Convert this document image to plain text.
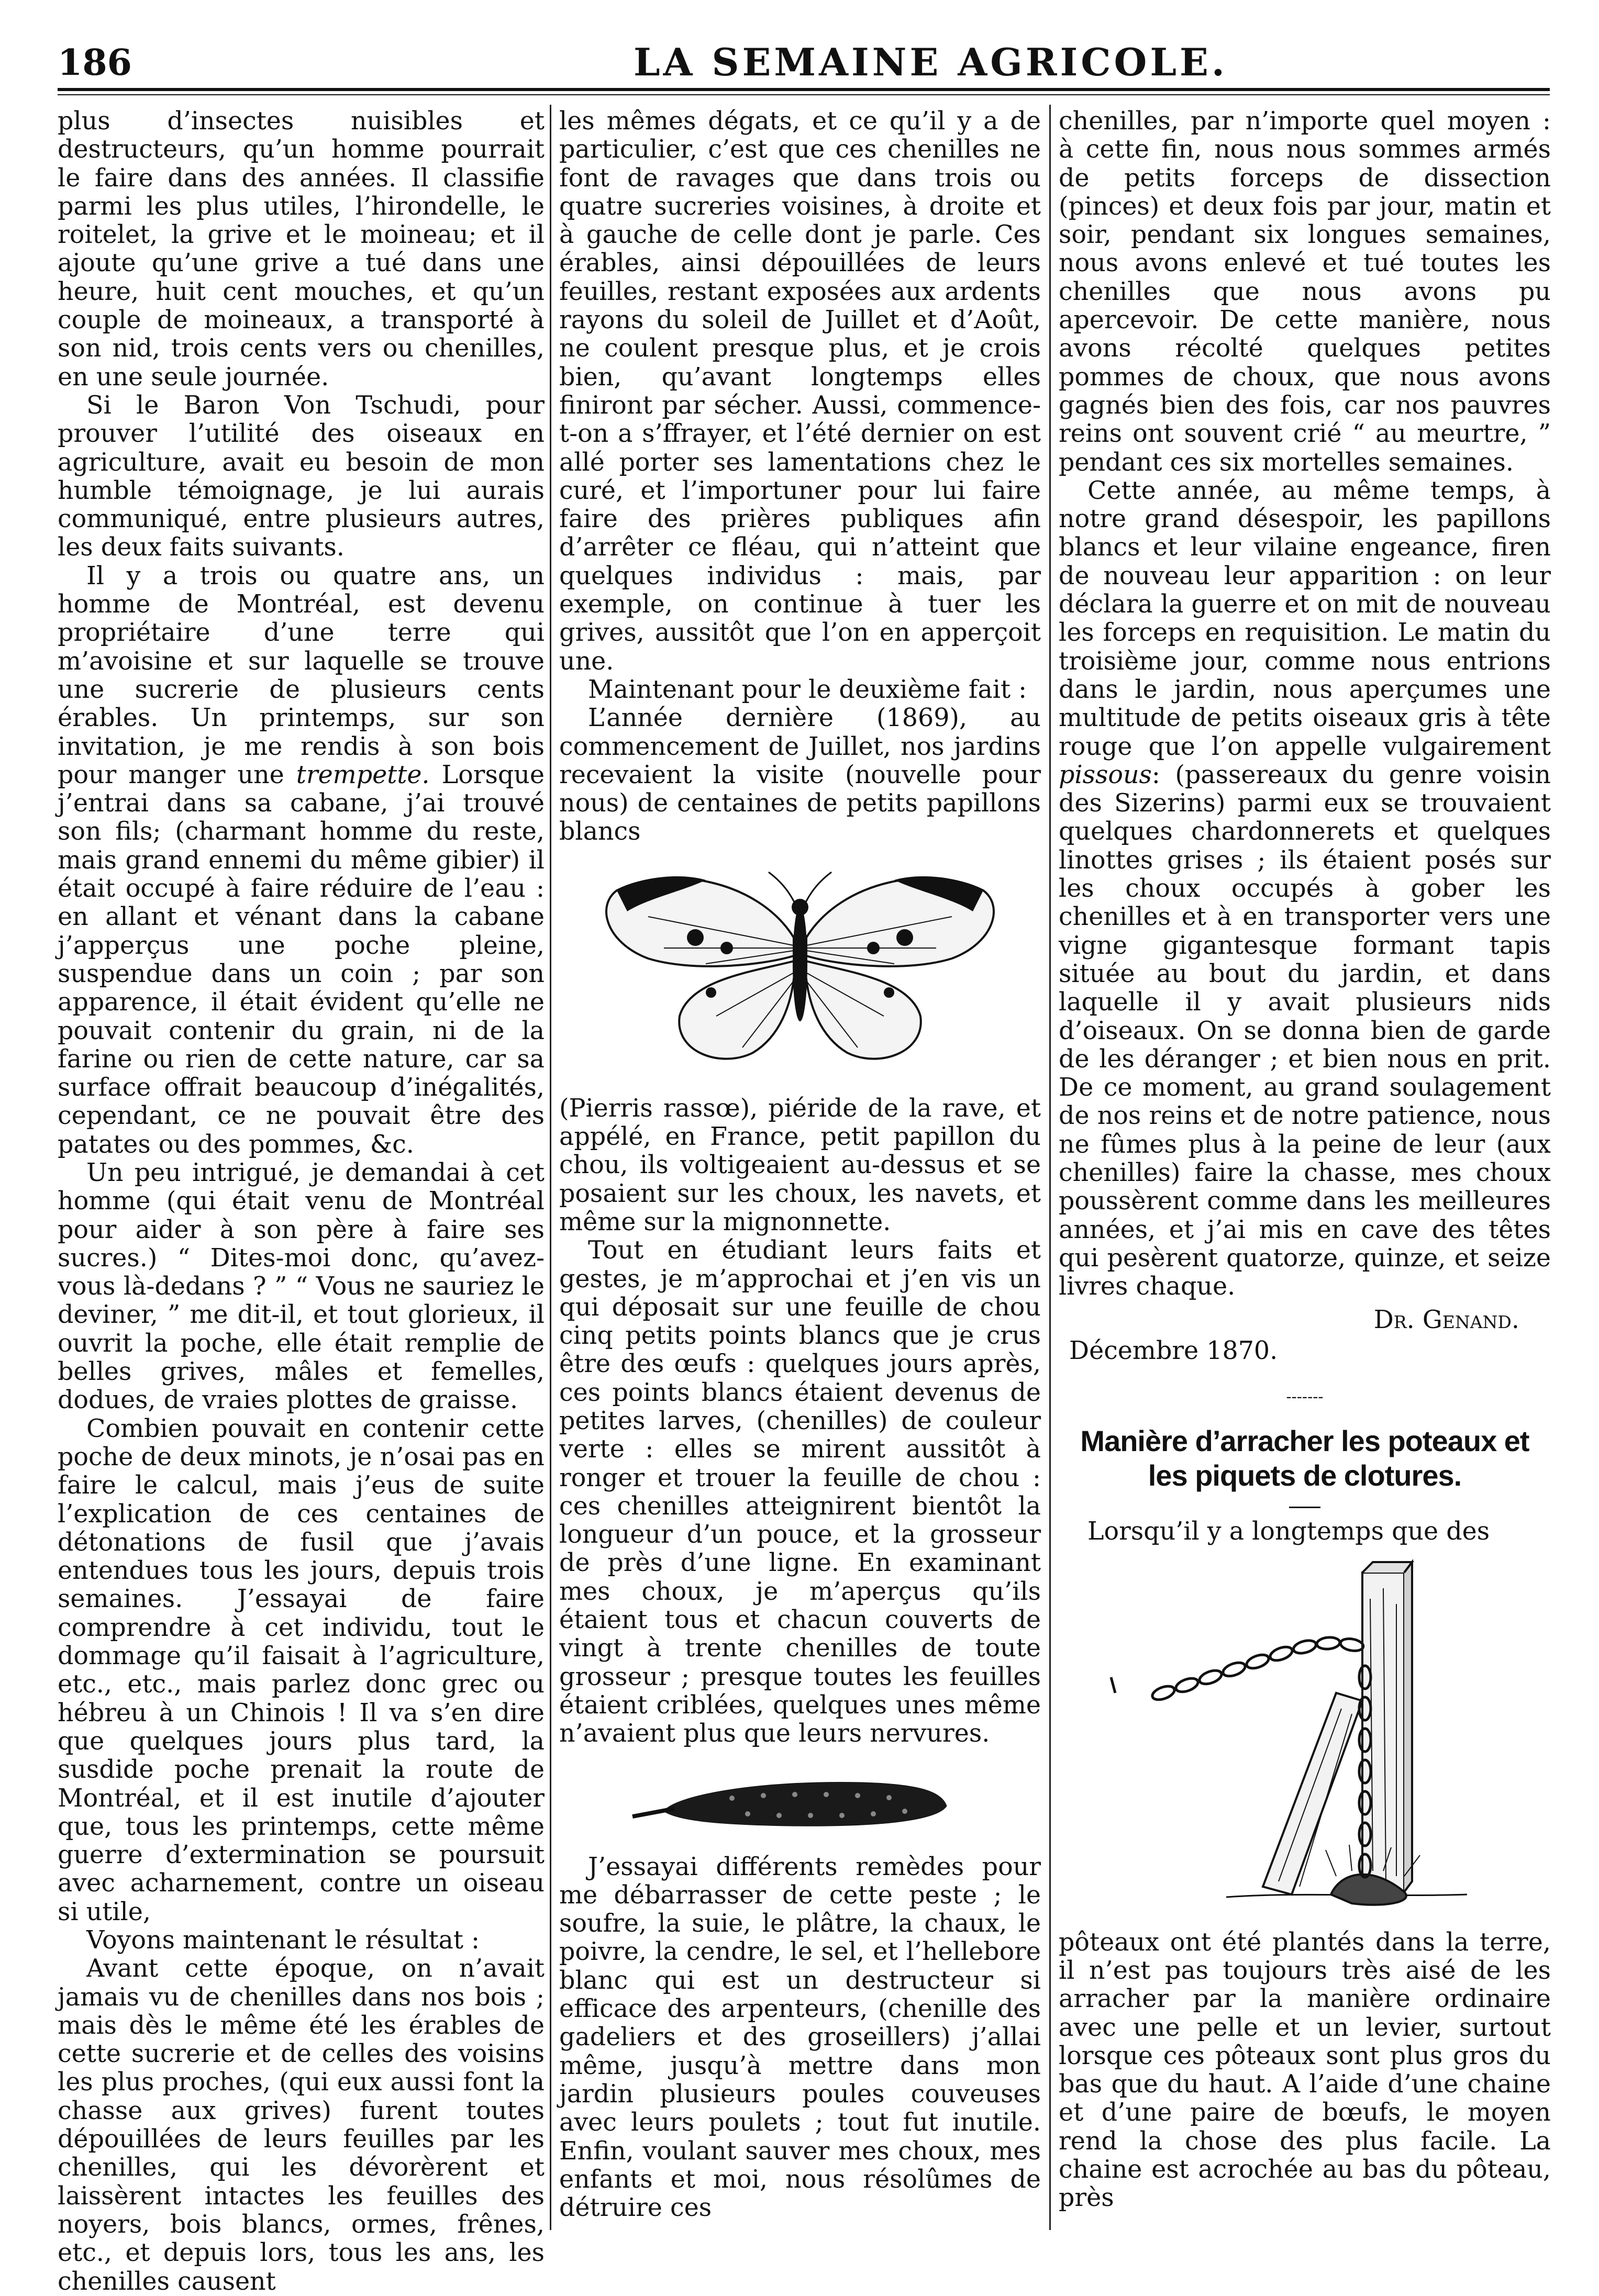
186	LA SEMAINE AGRICOLE.

plus d’insectes nuisibles et destructeurs, qu’un homme pourrait le faire dans des années. Il classifie parmi les plus utiles, l’hirondelle, le roitelet, la grive et le moineau; et il ajoute qu’une grive a tué dans une heure, huit cent mouches, et qu’un couple de moineaux, a transporté à son nid, trois cents vers ou chenilles, en une seule journée.

Si le Baron Von Tschudi, pour prouver l’utilité des oiseaux en agriculture, avait eu besoin de mon humble témoignage, je lui aurais communiqué, entre plusieurs autres, les deux faits suivants.

Il y a trois ou quatre ans, un homme de Montréal, est devenu propriétaire d’une terre qui m’avoisine et sur laquelle se trouve une sucrerie de plusieurs cents érables. Un printemps, sur son invitation, je me rendis à son bois pour manger une trempette. Lorsque j’entrai dans sa cabane, j’ai trouvé son fils; (charmant homme du reste, mais grand ennemi du même gibier) il était occupé à faire réduire de l’eau : en allant et vénant dans la cabane j’apperçus une poche pleine, suspendue dans un coin ; par son apparence, il était évident qu’elle ne pouvait contenir du grain, ni de la farine ou rien de cette nature, car sa surface offrait beaucoup d’inégalités, cependant, ce ne pouvait être des patates ou des pommes, &c.

Un peu intrigué, je demandai à cet homme (qui était venu de Montréal pour aider à son père à faire ses sucres.) “ Dites-moi donc, qu’avez-vous là-dedans ? ” “ Vous ne sauriez le deviner, ” me dit-il, et tout glorieux, il ouvrit la poche, elle était remplie de belles grives, mâles et femelles, dodues, de vraies plottes de graisse.

Combien pouvait en contenir cette poche de deux minots, je n’osai pas en faire le calcul, mais j’eus de suite l’explication de ces centaines de détonations de fusil que j’avais entendues tous les jours, depuis trois semaines. J’essayai de faire comprendre à cet individu, tout le dommage qu’il faisait à l’agriculture, etc., etc., mais parlez donc grec ou hébreu à un Chinois ! Il va s’en dire que quelques jours plus tard, la susdide poche prenait la route de Montréal, et il est inutile d’ajouter que, tous les printemps, cette même guerre d’extermination se poursuit avec acharnement, contre un oiseau si utile,

Voyons maintenant le résultat :

Avant cette époque, on n’avait jamais vu de chenilles dans nos bois ; mais dès le même été les érables de cette sucrerie et de celles des voisins les plus proches, (qui eux aussi font la chasse aux grives) furent toutes dépouillées de leurs feuilles par les chenilles, qui les dévorèrent et laissèrent intactes les feuilles des noyers, bois blancs, ormes, frênes, etc., et depuis lors, tous les ans, les chenilles causent

les mêmes dégats, et ce qu’il y a de particulier, c’est que ces chenilles ne font de ravages que dans trois ou quatre sucreries voisines, à droite et à gauche de celle dont je parle. Ces érables, ainsi dépouillées de leurs feuilles, restant exposées aux ardents rayons du soleil de Juillet et d’Août, ne coulent presque plus, et je crois bien, qu’avant longtemps elles finiront par sécher. Aussi, commence-t-on a s’ffrayer, et l’été dernier on est allé porter ses lamentations chez le curé, et l’importuner pour lui faire faire des prières publiques afin d’arrêter ce fléau, qui n’atteint que quelques individus : mais, par exemple, on continue à tuer les grives, aussitôt que l’on en apperçoit une.

Maintenant pour le deuxième fait :

L’année dernière (1869), au commencement de Juillet, nos jardins recevaient la visite (nouvelle pour nous) de centaines de petits papillons blancs

(Pierris rassœ), piéride de la rave, et appélé, en France, petit papillon du chou, ils voltigeaient au-dessus et se posaient sur les choux, les navets, et même sur la mignonnette.

Tout en étudiant leurs faits et gestes, je m’approchai et j’en vis un qui déposait sur une feuille de chou cinq petits points blancs que je crus être des œufs : quelques jours après, ces points blancs étaient devenus de petites larves, (chenilles) de couleur verte : elles se mirent aussitôt à ronger et trouer la feuille de chou : ces chenilles atteignirent bientôt la longueur d’un pouce, et la grosseur de près d’une ligne. En examinant mes choux, je m’aperçus qu’ils étaient tous et chacun couverts de vingt à trente chenilles de toute grosseur ; presque toutes les feuilles étaient criblées, quelques unes même n’avaient plus que leurs nervures.

J’essayai différents remèdes pour me débarrasser de cette peste ; le soufre, la suie, le plâtre, la chaux, le poivre, la cendre, le sel, et l’hellebore blanc qui est un destructeur si efficace des arpenteurs, (chenille des gadeliers et des groseillers) j’allai même, jusqu’à mettre dans mon jardin plusieurs poules couveuses avec leurs poulets ; tout fut inutile. Enfin, voulant sauver mes choux, mes enfants et moi, nous résolûmes de détruire ces

chenilles, par n’importe quel moyen : à cette fin, nous nous sommes armés de petits forceps de dissection (pinces) et deux fois par jour, matin et soir, pendant six longues semaines, nous avons enlevé et tué toutes les chenilles que nous avons pu apercevoir. De cette manière, nous avons récolté quelques petites pommes de choux, que nous avons gagnés bien des fois, car nos pauvres reins ont souvent crié “ au meurtre, ” pendant ces six mortelles semaines.

Cette année, au même temps, à notre grand désespoir, les papillons blancs et leur vilaine engeance, firen de nouveau leur apparition : on leur déclara la guerre et on mit de nouveau les forceps en requisition. Le matin du troisième jour, comme nous entrions dans le jardin, nous aperçumes une multitude de petits oiseaux gris à tête rouge que l’on appelle vulgairement pissous: (passereaux du genre voisin des Sizerins) parmi eux se trouvaient quelques chardonnerets et quelques linottes grises ; ils étaient posés sur les choux occupés à gober les chenilles et à en transporter vers une vigne gigantesque formant tapis située au bout du jardin, et dans laquelle il y avait plusieurs nids d’oiseaux. On se donna bien de garde de les déranger ; et bien nous en prit. De ce moment, au grand soulagement de nos reins et de notre patience, nous ne fûmes plus à la peine de leur (aux chenilles) faire la chasse, mes choux poussèrent comme dans les meilleures années, et j’ai mis en cave des têtes qui pesèrent quatorze, quinze, et seize livres chaque.

Dr. Genand.

Décembre 1870.

-------
Manière d’arracher les poteaux et les piquets de clotures.

Lorsqu’il y a longtemps que des

pôteaux ont été plantés dans la terre, il n’est pas toujours très aisé de les arracher par la manière ordinaire avec une pelle et un levier, surtout lorsque ces pôteaux sont plus gros du bas que du haut. A l’aide d’une chaine et d’une paire de bœufs, le moyen rend la chose des plus facile. La chaine est acrochée au bas du pôteau, près
